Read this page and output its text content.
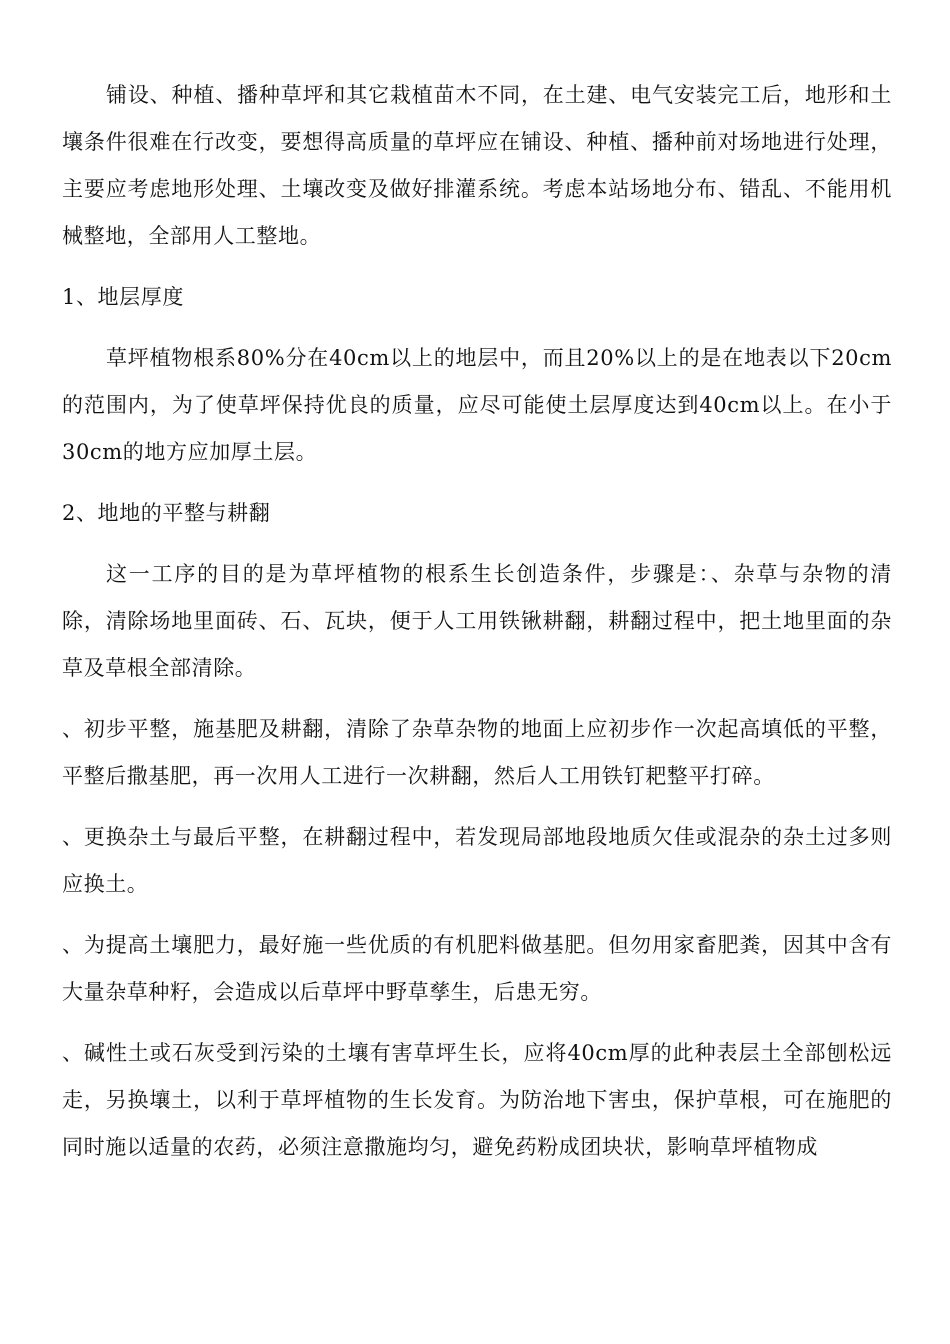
铺设、种植、播种草坪和其它栽植苗木不同，在土建、电气安装完工后，地形和土壤条件很难在行改变，要想得高质量的草坪应在铺设、种植、播种前对场地进行处理，主要应考虑地形处理、土壤改变及做好排灌系统。考虑本站场地分布、错乱、不能用机械整地，全部用人工整地。

1、地层厚度

草坪植物根系80%分在40cm以上的地层中，而且20%以上的是在地表以下20cm的范围内，为了使草坪保持优良的质量，应尽可能使土层厚度达到40cm以上。在小于30cm的地方应加厚土层。

2、地地的平整与耕翻

这一工序的目的是为草坪植物的根系生长创造条件，步骤是：、杂草与杂物的清除，清除场地里面砖、石、瓦块，便于人工用铁锹耕翻，耕翻过程中，把土地里面的杂草及草根全部清除。

、初步平整，施基肥及耕翻，清除了杂草杂物的地面上应初步作一次起高填低的平整，平整后撒基肥，再一次用人工进行一次耕翻，然后人工用铁钉耙整平打碎。

、更换杂土与最后平整，在耕翻过程中，若发现局部地段地质欠佳或混杂的杂土过多则应换土。

、为提高土壤肥力，最好施一些优质的有机肥料做基肥。但勿用家畜肥粪，因其中含有大量杂草种籽，会造成以后草坪中野草孳生，后患无穷。

、碱性土或石灰受到污染的土壤有害草坪生长，应将40cm厚的此种表层土全部刨松远走，另换壤土，以利于草坪植物的生长发育。为防治地下害虫，保护草根，可在施肥的同时施以适量的农药，必须注意撒施均匀，避免药粉成团块状，影响草坪植物成
